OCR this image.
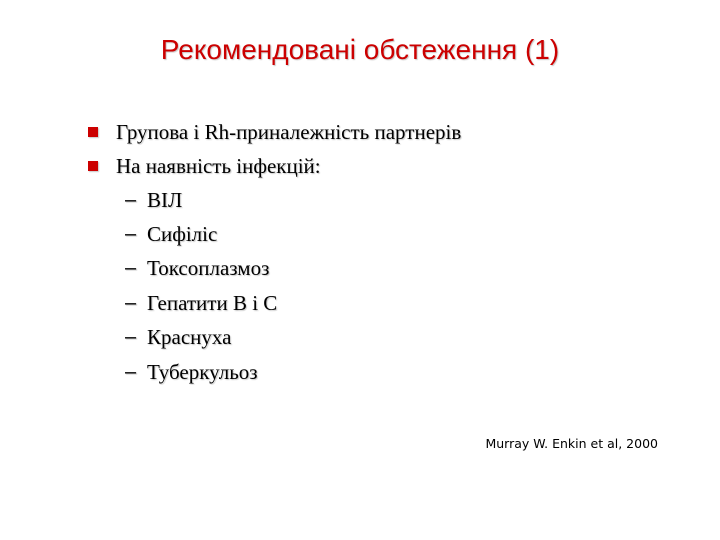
Рекомендовані обстеження (1)
Групова і Rh-приналежність партнерів
На наявність інфекцій:
– ВІЛ
– Сифіліс
– Токсоплазмоз
– Гепатити В і С
– Краснуха
– Туберкульоз
Murray W. Enkin et al, 2000
